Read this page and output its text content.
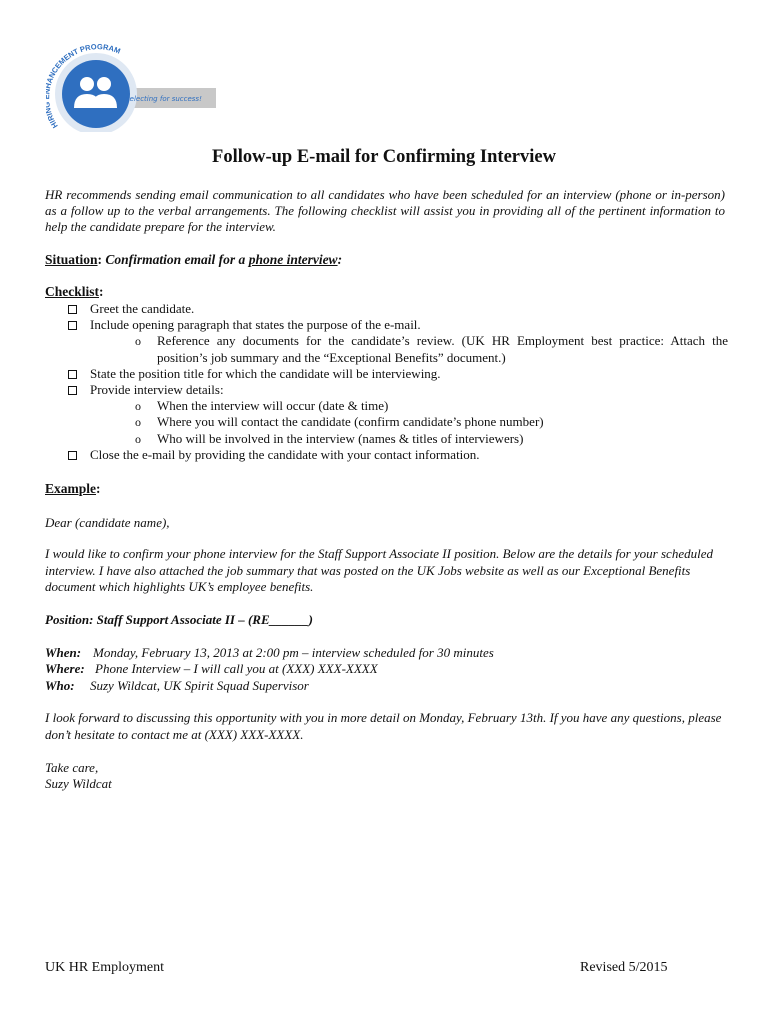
HIR NCEMENT PROGRAM
selecting for success!
Follow-up E-mail for Confirming Interview
HR recommends sending email communication to all candidates who have been scheduled for an interview (phone or in-person) as a follow up to the verbal arrangements. The following checklist will assist you in providing all of the pertinent information to help the candidate prepare for the interview.
Situation: Confirmation email for a phone interview:
Checklist:
Greet the candidate.
Include opening paragraph that states the purpose of the e-mail.
o Reference any documents for the candidate’s review. (UK HR Employment best practice: Attach the position’s job summary and the “Exceptional Benefits” document.)
State the position title for which the candidate will be interviewing.
Provide interview details:
o When the interview will occur (date & time)
o Where you will contact the candidate (confirm candidate’s phone number)
o Who will be involved in the interview (names & titles of interviewers)
Close the e-mail by providing the candidate with your contact information.
Example:
Dear (candidate name),
I would like to confirm your phone interview for the Staff Support Associate II position. Below are the details for your scheduled interview. I have also attached the job summary that was posted on the UK Jobs website as well as our Exceptional Benefits document which highlights UK’s employee benefits.
Position: Staff Support Associate II – (RE______)
When: Monday, February 13, 2013 at 2:00 pm – interview scheduled for 30 minutes
Where: Phone Interview – I will call you at (XXX) XXX-XXXX
Who: Suzy Wildcat, UK Spirit Squad Supervisor
I look forward to discussing this opportunity with you in more detail on Monday, February 13th. If you have any questions, please don’t hesitate to contact me at (XXX) XXX-XXXX.
Take care,
Suzy Wildcat
UK HR Employment	Revised 5/2015
